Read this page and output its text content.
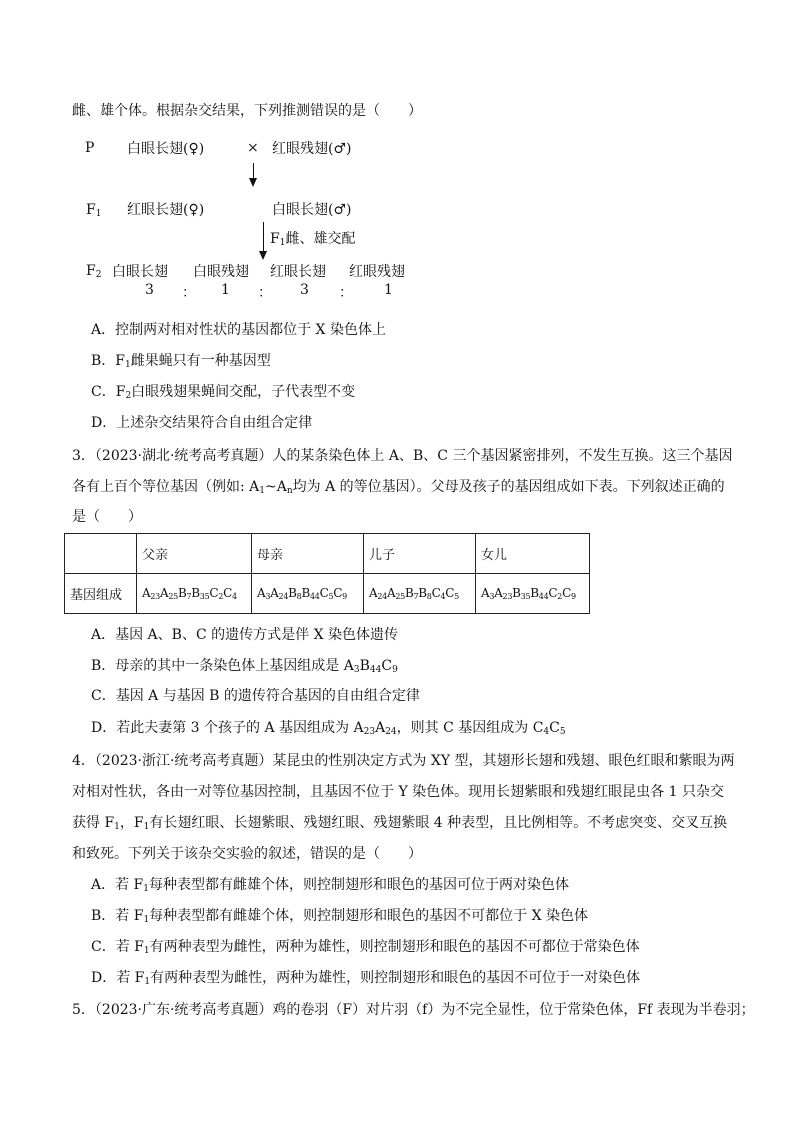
雌、雄个体。根据杂交结果，下列推测错误的是（　　）
P 白眼长翅(♀)	× 红眼残翅(♂)
$F_1$ 红眼长翅(♀)	白眼长翅(♂)
$F_1$雌、雄交配
$F_2$ 白眼长翅 白眼残翅 红眼长翅 红眼残翅
3 ： 1 ： 3 ： 1
A．控制两对相对性状的基因都位于 X 染色体上
B．$F_1$雌果蝇只有一种基因型
C．$F_2$白眼残翅果蝇间交配，子代表型不变
D．上述杂交结果符合自由组合定律
3．（2023·湖北·统考高考真题）人的某条染色体上 A、B、C 三个基因紧密排列，不发生互换。这三个基因
各有上百个等位基因（例如: $A_1\sim A_n$均为 A 的等位基因）。父母及孩子的基因组成如下表。下列叙述正确的
是（　　）
	父亲	母亲	儿子	女儿
基因组成	$A_{23}A_{25}B_7B_{35}C_2C_4$	$A_3A_{24}B_8B_{44}C_5C_9$	$A_{24}A_{25}B_7B_8C_4C_5$	$A_3A_{23}B_{35}B_{44}C_2C_9$
A．基因 A、B、C 的遗传方式是伴 X 染色体遗传
B．母亲的其中一条染色体上基因组成是 $A_3B_{44}C_9$
C．基因 A 与基因 B 的遗传符合基因的自由组合定律
D．若此夫妻第 3 个孩子的 A 基因组成为 $A_{23}A_{24}$，则其 C 基因组成为 $C_4C_5$
4．（2023·浙江·统考高考真题）某昆虫的性别决定方式为 XY 型，其翅形长翅和残翅、眼色红眼和紫眼为两
对相对性状，各由一对等位基因控制，且基因不位于 Y 染色体。现用长翅紫眼和残翅红眼昆虫各 1 只杂交
获得 $F_1$，$F_1$有长翅红眼、长翅紫眼、残翅红眼、残翅紫眼 4 种表型，且比例相等。不考虑突变、交叉互换
和致死。下列关于该杂交实验的叙述，错误的是（　　）
A．若 $F_1$每种表型都有雌雄个体，则控制翅形和眼色的基因可位于两对染色体
B．若 $F_1$每种表型都有雌雄个体，则控制翅形和眼色的基因不可都位于 X 染色体
C．若 $F_1$有两种表型为雌性，两种为雄性，则控制翅形和眼色的基因不可都位于常染色体
D．若 $F_1$有两种表型为雌性，两种为雄性，则控制翅形和眼色的基因不可位于一对染色体
5．（2023·广东·统考高考真题）鸡的卷羽（F）对片羽（f）为不完全显性，位于常染色体，Ff 表现为半卷羽；
